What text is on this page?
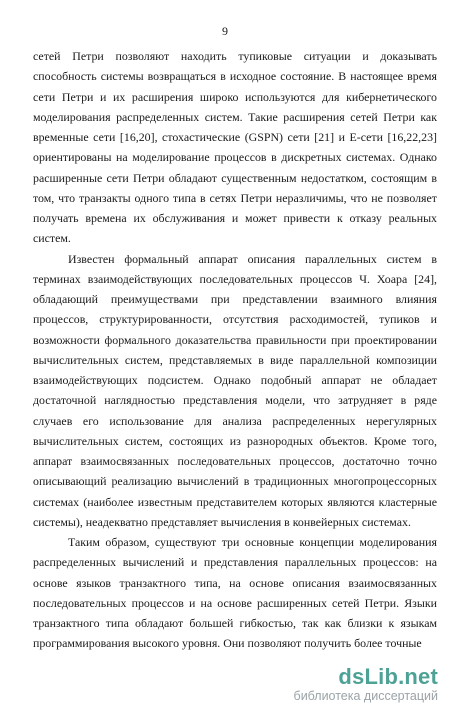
9

сетей Петри позволяют находить тупиковые ситуации и доказывать способность системы возвращаться в исходное состояние. В настоящее время сети Петри и их расширения широко используются для кибернетического моделирования распределенных систем. Такие расширения сетей Петри как временные сети [16,20], стохастические (GSPN) сети [21] и Е-сети [16,22,23] ориентированы на моделирование процессов в дискретных системах. Однако расширенные сети Петри обладают существенным недостатком, состоящим в том, что транзакты одного типа в сетях Петри неразличимы, что не позволяет получать времена их обслуживания и может привести к отказу реальных систем.

Известен формальный аппарат описания параллельных систем в терминах взаимодействующих последовательных процессов Ч. Хоара [24], обладающий преимуществами при представлении взаимного влияния процессов, структурированности, отсутствия расходимостей, тупиков и возможности формального доказательства правильности при проектировании вычислительных систем, представляемых в виде параллельной композиции взаимодействующих подсистем. Однако подобный аппарат не обладает достаточной наглядностью представления модели, что затрудняет в ряде случаев его использование для анализа распределенных нерегулярных вычислительных систем, состоящих из разнородных объектов. Кроме того, аппарат взаимосвязанных последовательных процессов, достаточно точно описывающий реализацию вычислений в традиционных многопроцессорных системах (наиболее известным представителем которых являются кластерные системы), неадекватно представляет вычисления в конвейерных системах.

Таким образом, существуют три основные концепции моделирования распределенных вычислений и представления параллельных процессов: на основе языков транзактного типа, на основе описания взаимосвязанных последовательных процессов и на основе расширенных сетей Петри. Языки транзактного типа обладают большей гибкостью, так как близки к языкам программирования высокого уровня. Они позволяют получить более точные

dsLib.net
библиотека диссертаций
